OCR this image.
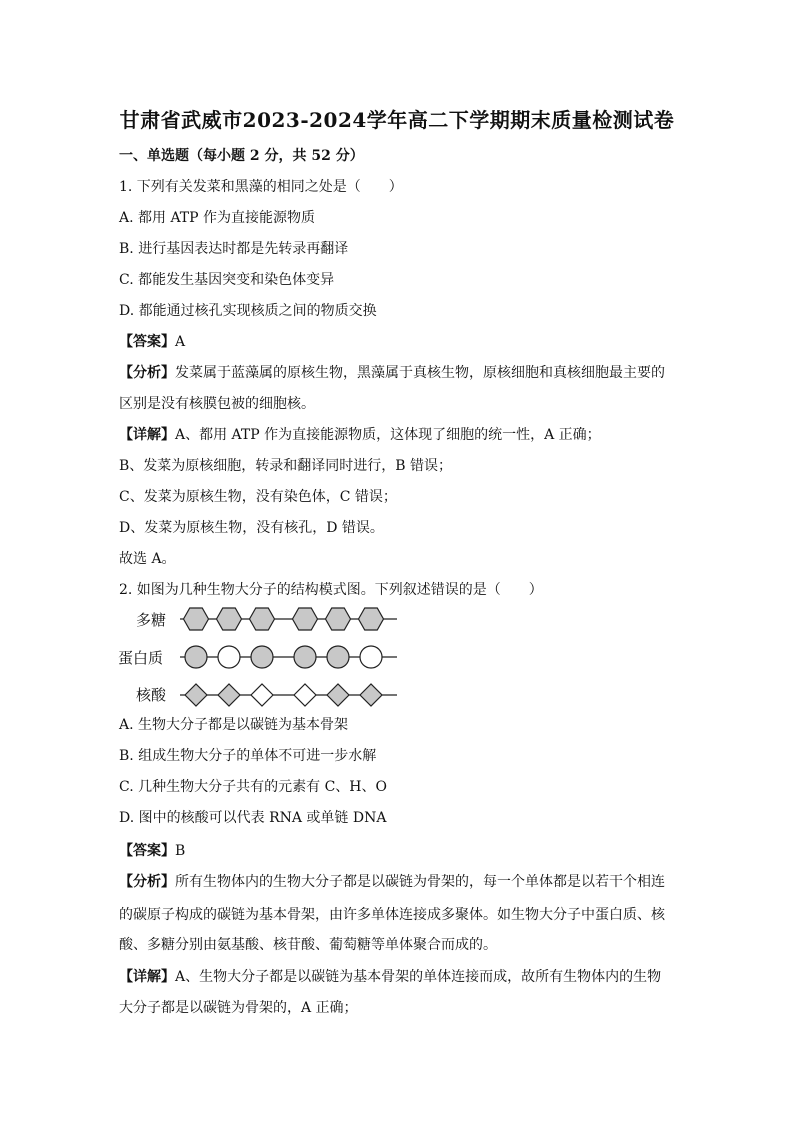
甘肃省武威市2023-2024学年高二下学期期末质量检测试卷
一、单选题（每小题 2 分，共 52 分）
1. 下列有关发菜和黑藻的相同之处是（　　）
A. 都用 ATP 作为直接能源物质
B. 进行基因表达时都是先转录再翻译
C. 都能发生基因突变和染色体变异
D. 都能通过核孔实现核质之间的物质交换
【答案】A
【分析】发菜属于蓝藻属的原核生物，黑藻属于真核生物，原核细胞和真核细胞最主要的
区别是没有核膜包被的细胞核。
【详解】A、都用 ATP 作为直接能源物质，这体现了细胞的统一性，A 正确；
B、发菜为原核细胞，转录和翻译同时进行，B 错误；
C、发菜为原核生物，没有染色体，C 错误；
D、发菜为原核生物，没有核孔，D 错误。
故选 A。
2. 如图为几种生物大分子的结构模式图。下列叙述错误的是（　　）
多糖
蛋白质
核酸
A. 生物大分子都是以碳链为基本骨架
B. 组成生物大分子的单体不可进一步水解
C. 几种生物大分子共有的元素有 C、H、O
D. 图中的核酸可以代表 RNA 或单链 DNA
【答案】B
【分析】所有生物体内的生物大分子都是以碳链为骨架的，每一个单体都是以若干个相连
的碳原子构成的碳链为基本骨架，由许多单体连接成多聚体。如生物大分子中蛋白质、核
酸、多糖分别由氨基酸、核苷酸、葡萄糖等单体聚合而成的。
【详解】A、生物大分子都是以碳链为基本骨架的单体连接而成，故所有生物体内的生物
大分子都是以碳链为骨架的，A 正确；
